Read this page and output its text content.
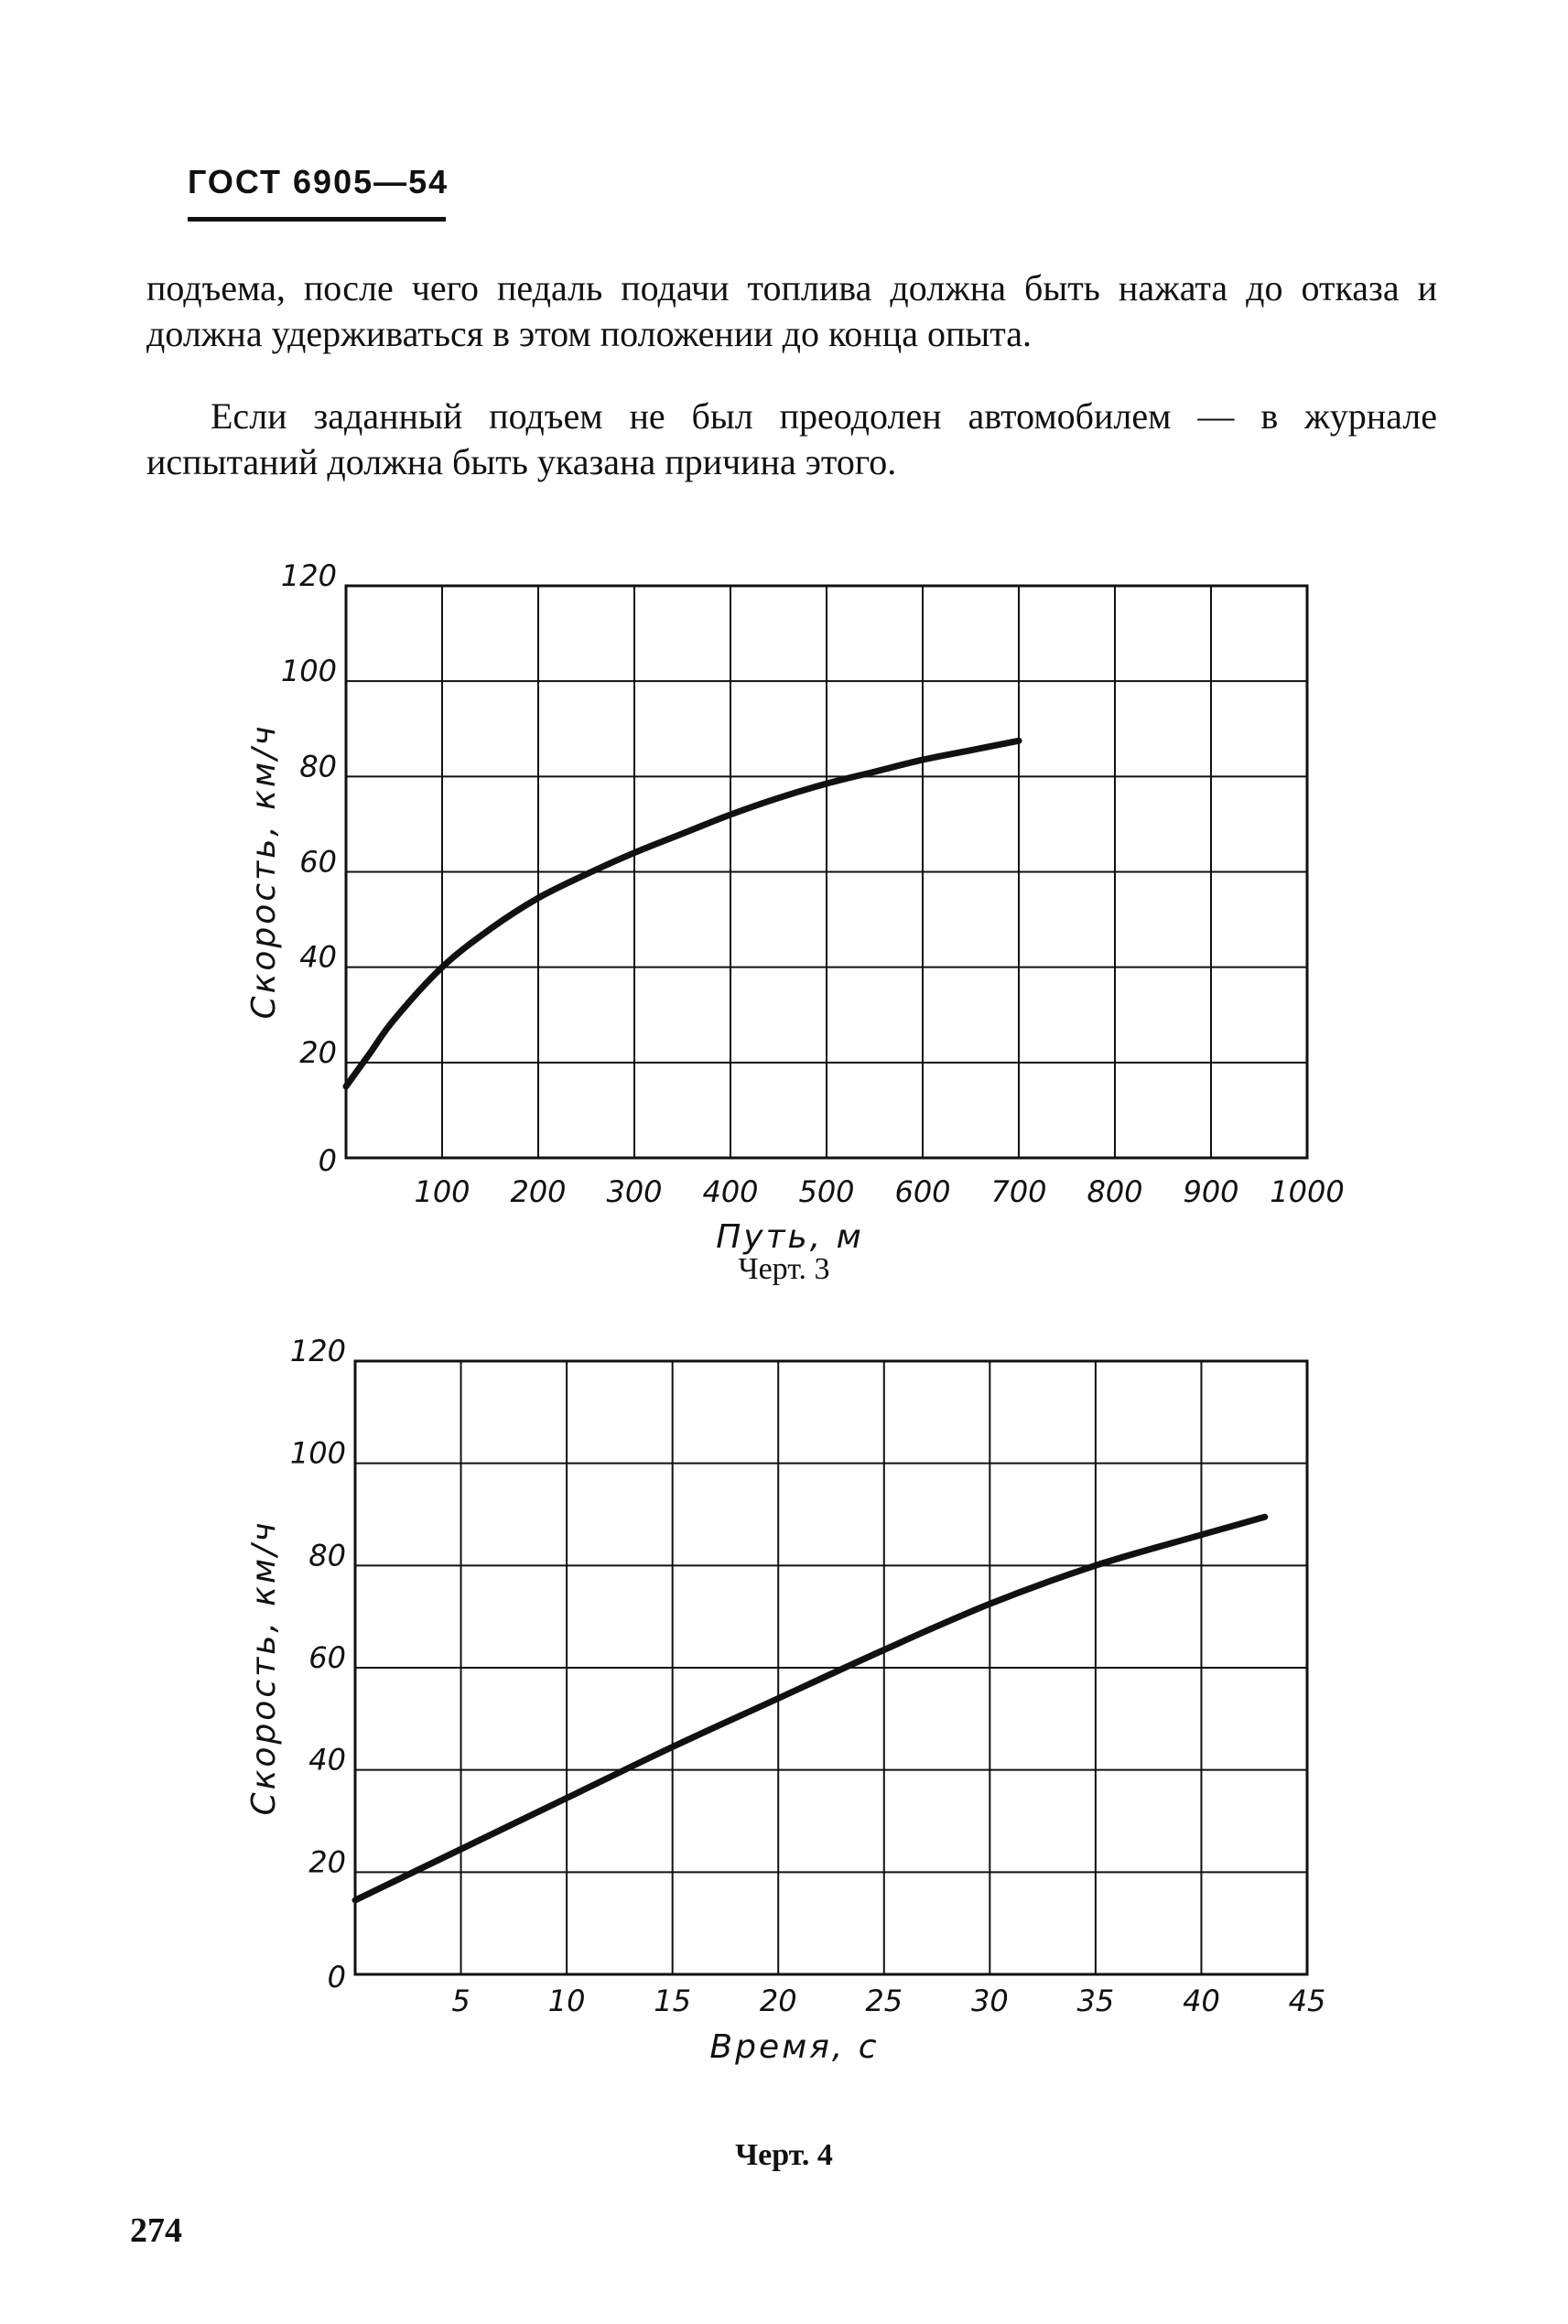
ГОСТ 6905—54
подъема, после чего педаль подачи топлива должна быть нажата до отказа и должна удерживаться в этом положении до конца опыта.
Если заданный подъем не был преодолен автомобилем — в журнале испытаний должна быть указана причина этого.
100 200 300 400 500 600 700 800 900 1000
0
20
40
60
80
100
120
Путь, м
Скорость, км/ч
Черт. 3
5	10 15 20 25 30 35 40 45
0
20
40
60
80
100
120
Время, с
Скорость, км/ч
Черт. 4
274
